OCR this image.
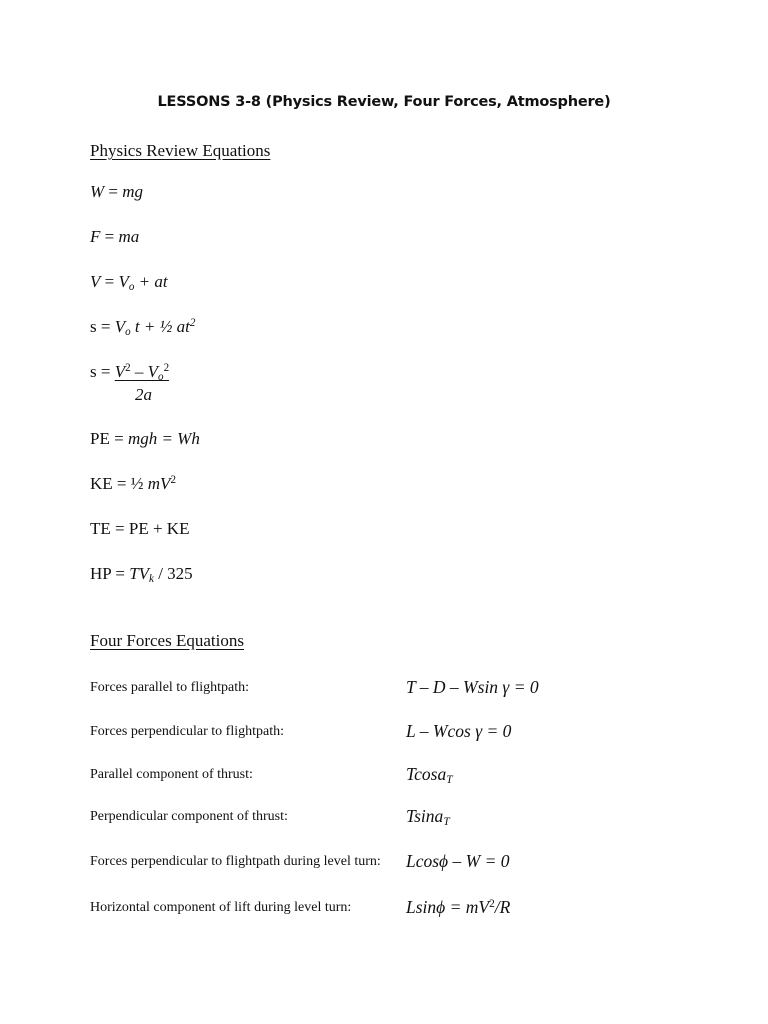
LESSONS 3-8 (Physics Review, Four Forces, Atmosphere)
Physics Review Equations
W = mg
F = ma
$V = V_o$ + at
$s = V_o$ t + ½ $at^2$
$s = V^2 - V_o^2$
2a
PE = mgh = Wh
KE = ½ $mV^2$
TE = PE + KE
HP = $TV_k / 325$
Four Forces Equations
Forces parallel to flightpath:	T – D – Wsin γ = 0
Forces perpendicular to flightpath:	L – Wcos γ = 0
Parallel component of thrust:	Tcosa$_T$
Perpendicular component of thrust:	Tsina$_T$
Forces perpendicular to flightpath during level turn: Lcosϕ – W = 0
Horizontal component of lift during level turn:	$Lsin\phi = mV^2/R$
